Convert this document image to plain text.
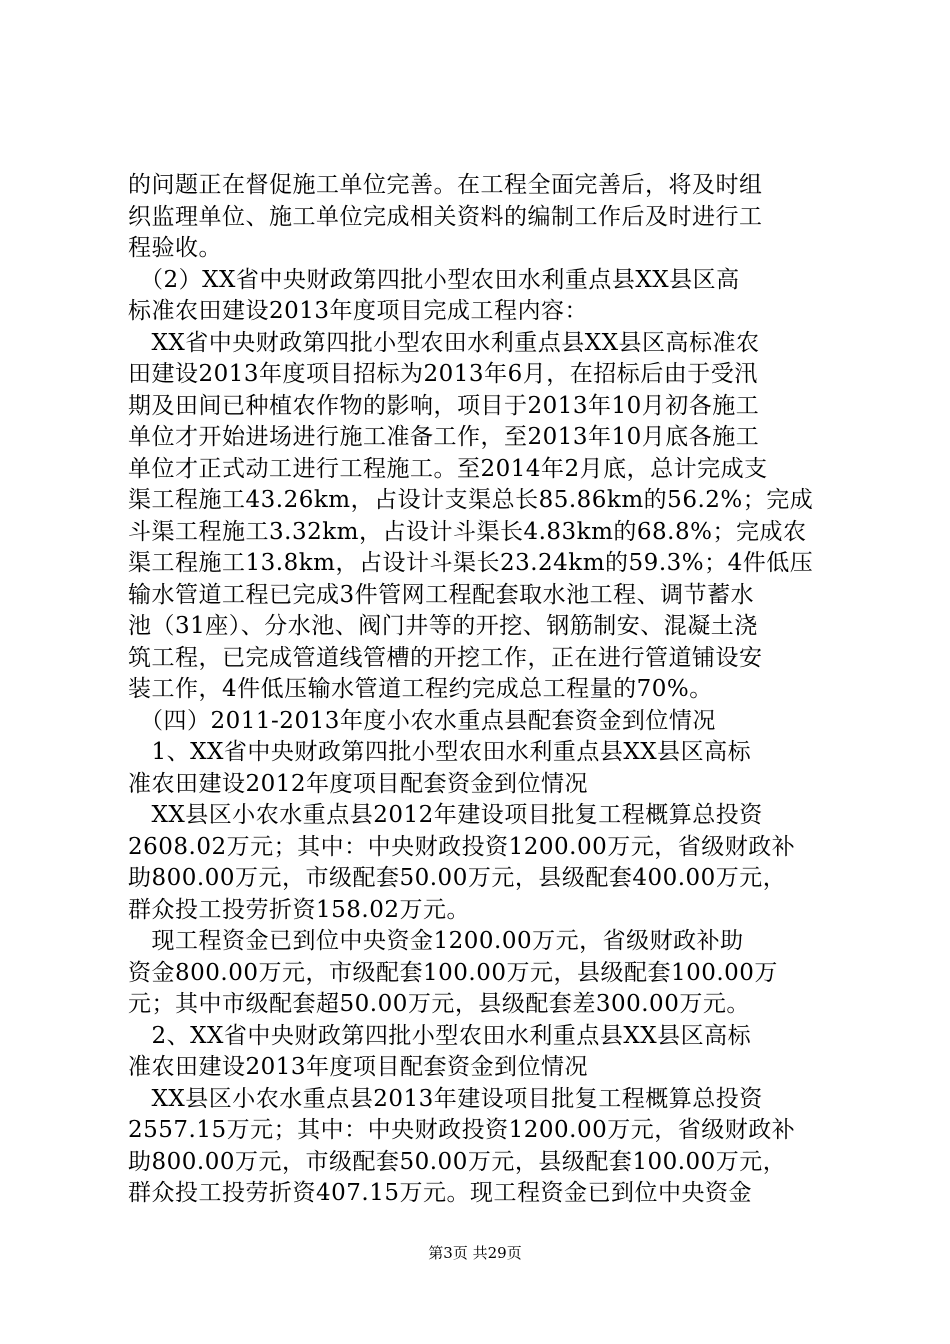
的问题正在督促施工单位完善。在工程全面完善后，将及时组

织监理单位、施工单位完成相关资料的编制工作后及时进行工

程验收。

　（2）XX省中央财政第四批小型农田水利重点县XX县区高

标准农田建设2013年度项目完成工程内容：

　XX省中央财政第四批小型农田水利重点县XX县区高标准农

田建设2013年度项目招标为2013年6月，在招标后由于受汛

期及田间已种植农作物的影响，项目于2013年10月初各施工

单位才开始进场进行施工准备工作，至2013年10月底各施工

单位才正式动工进行工程施工。至2014年2月底，总计完成支

渠工程施工43.26km，占设计支渠总长85.86km的56.2%；完成

斗渠工程施工3.32km，占设计斗渠长4.83km的68.8%；完成农

渠工程施工13.8km，占设计斗渠长23.24km的59.3%；4件低压

输水管道工程已完成3件管网工程配套取水池工程、调节蓄水

池（31座）、分水池、阀门井等的开挖、钢筋制安、混凝土浇

筑工程，已完成管道线管槽的开挖工作，正在进行管道铺设安

装工作，4件低压输水管道工程约完成总工程量的70%。

　（四）2011-2013年度小农水重点县配套资金到位情况

　1、XX省中央财政第四批小型农田水利重点县XX县区高标

准农田建设2012年度项目配套资金到位情况

　XX县区小农水重点县2012年建设项目批复工程概算总投资

2608.02万元；其中：中央财政投资1200.00万元，省级财政补

助800.00万元，市级配套50.00万元，县级配套400.00万元，

群众投工投劳折资158.02万元。

　现工程资金已到位中央资金1200.00万元，省级财政补助

资金800.00万元，市级配套100.00万元，县级配套100.00万

元；其中市级配套超50.00万元，县级配套差300.00万元。

　2、XX省中央财政第四批小型农田水利重点县XX县区高标

准农田建设2013年度项目配套资金到位情况

　XX县区小农水重点县2013年建设项目批复工程概算总投资

2557.15万元；其中：中央财政投资1200.00万元，省级财政补

助800.00万元，市级配套50.00万元，县级配套100.00万元，

群众投工投劳折资407.15万元。现工程资金已到位中央资金

第3页 共29页
